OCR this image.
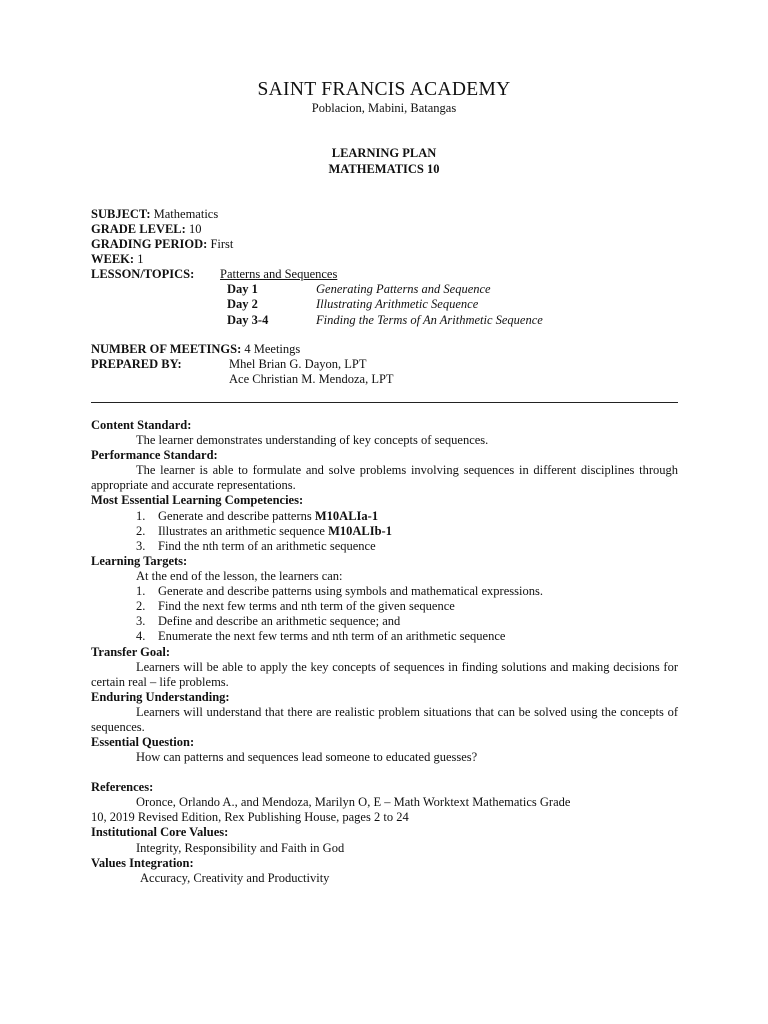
SAINT FRANCIS ACADEMY
Poblacion, Mabini, Batangas
LEARNING PLAN
MATHEMATICS 10
SUBJECT: Mathematics
GRADE LEVEL: 10
GRADING PERIOD: First
WEEK: 1
LESSON/TOPICS: Patterns and Sequences
Day 1	Generating Patterns and Sequence
Day 2	Illustrating Arithmetic Sequence
Day 3-4	Finding the Terms of An Arithmetic Sequence
NUMBER OF MEETINGS: 4 Meetings
PREPARED BY:	Mhel Brian G. Dayon, LPT
Ace Christian M. Mendoza, LPT
Content Standard:
The learner demonstrates understanding of key concepts of sequences.
Performance Standard:
The learner is able to formulate and solve problems involving sequences in different disciplines through appropriate and accurate representations.
Most Essential Learning Competencies:
1. Generate and describe patterns M10ALIa-1
2. Illustrates an arithmetic sequence M10ALIb-1
3. Find the nth term of an arithmetic sequence
Learning Targets:
At the end of the lesson, the learners can:
1. Generate and describe patterns using symbols and mathematical expressions.
2. Find the next few terms and nth term of the given sequence
3. Define and describe an arithmetic sequence; and
4. Enumerate the next few terms and nth term of an arithmetic sequence
Transfer Goal:
Learners will be able to apply the key concepts of sequences in finding solutions and making decisions for certain real – life problems.
Enduring Understanding:
Learners will understand that there are realistic problem situations that can be solved using the concepts of sequences.
Essential Question:
How can patterns and sequences lead someone to educated guesses?
References:
Oronce, Orlando A., and Mendoza, Marilyn O, E – Math Worktext Mathematics Grade
10, 2019 Revised Edition, Rex Publishing House, pages 2 to 24
Institutional Core Values:
Integrity, Responsibility and Faith in God
Values Integration:
Accuracy, Creativity and Productivity
